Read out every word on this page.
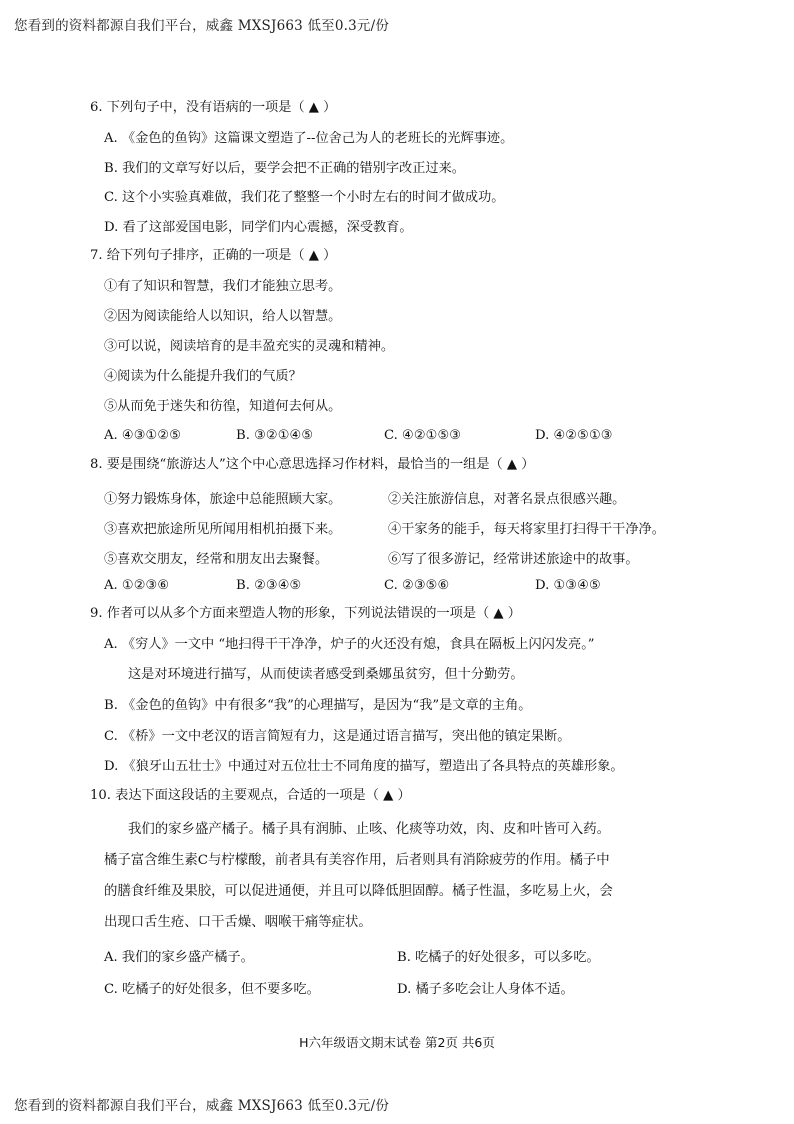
您看到的资料都源自我们平台，威鑫 MXSJ663 低至0.3元/份
6. 下列句子中，没有语病的一项是（ ▲ ）
A. 《金色的鱼钩》这篇课文塑造了--位舍己为人的老班长的光辉事迹。
B. 我们的文章写好以后，要学会把不正确的错别字改正过来。
C. 这个小实验真难做，我们花了整整一个小时左右的时间才做成功。
D. 看了这部爱国电影，同学们内心震撼，深受教育。
7. 给下列句子排序，正确的一项是（ ▲ ）
①有了知识和智慧，我们才能独立思考。
②因为阅读能给人以知识，给人以智慧。
③可以说，阅读培育的是丰盈充实的灵魂和精神。
④阅读为什么能提升我们的气质？
⑤从而免于迷失和彷徨，知道何去何从。
A. ④③①②⑤	B. ③②①④⑤	C. ④②①⑤③	D. ④②⑤①③
8. 要是围绕“旅游达人”这个中心意思选择习作材料，最恰当的一组是（ ▲ ）
①努力锻炼身体，旅途中总能照顾大家。	②关注旅游信息，对著名景点很感兴趣。
③喜欢把旅途所见所闻用相机拍摄下来。	④干家务的能手，每天将家里打扫得干干净净。
⑤喜欢交朋友，经常和朋友出去聚餐。	⑥写了很多游记，经常讲述旅途中的故事。
A. ①②③⑥	B. ②③④⑤	C. ②③⑤⑥	D. ①③④⑤
9. 作者可以从多个方面来塑造人物的形象，下列说法错误的一项是（ ▲ ）
A. 《穷人》一文中 “地扫得干干净净，炉子的火还没有熄，食具在隔板上闪闪发亮。”
这是对环境进行描写，从而使读者感受到桑娜虽贫穷，但十分勤劳。
B. 《金色的鱼钩》中有很多“我”的心理描写，是因为“我”是文章的主角。
C. 《桥》一文中老汉的语言简短有力，这是通过语言描写，突出他的镇定果断。
D. 《狼牙山五壮士》中通过对五位壮士不同角度的描写，塑造出了各具特点的英雄形象。
10. 表达下面这段话的主要观点，合适的一项是（ ▲ ）
我们的家乡盛产橘子。橘子具有润肺、止咳、化痰等功效，肉、皮和叶皆可入药。
橘子富含维生素C与柠檬酸，前者具有美容作用，后者则具有消除疲劳的作用。橘子中
的膳食纤维及果胶，可以促进通便，并且可以降低胆固醇。橘子性温，多吃易上火，会
出现口舌生疮、口干舌燥、咽喉干痛等症状。
A. 我们的家乡盛产橘子。	B. 吃橘子的好处很多，可以多吃。
C. 吃橘子的好处很多，但不要多吃。	D. 橘子多吃会让人身体不适。
H六年级语文期末试卷 第2页 共6页
您看到的资料都源自我们平台，威鑫 MXSJ663 低至0.3元/份
